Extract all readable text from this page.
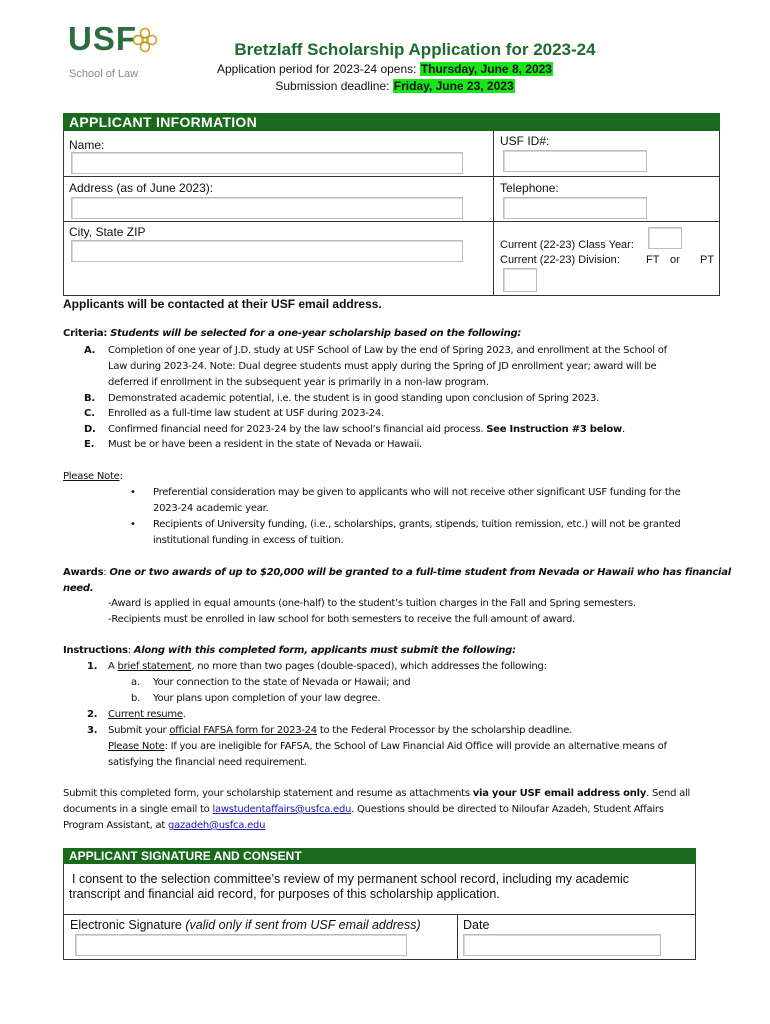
USF
School of Law
Bretzlaff Scholarship Application for 2023-24
Application period for 2023-24 opens: Thursday, June 8, 2023
Submission deadline: Friday, June 23, 2023
APPLICANT INFORMATION
Name:	USF ID#:
Address (as of June 2023):	Telephone:
City, State ZIP
Current (22-23) Class Year:
Current (22-23) Division: FT or PT
Applicants will be contacted at their USF email address.
Criteria: Students will be selected for a one-year scholarship based on the following:
A. Completion of one year of J.D. study at USF School of Law by the end of Spring 2023, and enrollment at the School of
Law during 2023-24. Note: Dual degree students must apply during the Spring of JD enrollment year; award will be
deferred if enrollment in the subsequent year is primarily in a non-law program.
B. Demonstrated academic potential, i.e. the student is in good standing upon conclusion of Spring 2023.
C. Enrolled as a full-time law student at USF during 2023-24.
D. Confirmed financial need for 2023-24 by the law school’s financial aid process. See Instruction #3 below.
E. Must be or have been a resident in the state of Nevada or Hawaii.
Please Note:
• Preferential consideration may be given to applicants who will not receive other significant USF funding for the
2023-24 academic year.
• Recipients of University funding, (i.e., scholarships, grants, stipends, tuition remission, etc.) will not be granted
institutional funding in excess of tuition.
Awards: One or two awards of up to $20,000 will be granted to a full-time student from Nevada or Hawaii who has financial
need.
-Award is applied in equal amounts (one-half) to the student’s tuition charges in the Fall and Spring semesters.
-Recipients must be enrolled in law school for both semesters to receive the full amount of award.
Instructions: Along with this completed form, applicants must submit the following:
1. A brief statement, no more than two pages (double-spaced), which addresses the following:
a. Your connection to the state of Nevada or Hawaii; and
b. Your plans upon completion of your law degree.
2. Current resume.
3. Submit your official FAFSA form for 2023-24 to the Federal Processor by the scholarship deadline.
Please Note: If you are ineligible for FAFSA, the School of Law Financial Aid Office will provide an alternative means of
satisfying the financial need requirement.
Submit this completed form, your scholarship statement and resume as attachments via your USF email address only. Send all
documents in a single email to lawstudentaffairs@usfca.edu. Questions should be directed to Niloufar Azadeh, Student Affairs
Program Assistant, at gazadeh@usfca.edu
APPLICANT SIGNATURE AND CONSENT
I consent to the selection committee’s review of my permanent school record, including my academic
transcript and financial aid record, for purposes of this scholarship application.
Electronic Signature (valid only if sent from USF email address)	Date
